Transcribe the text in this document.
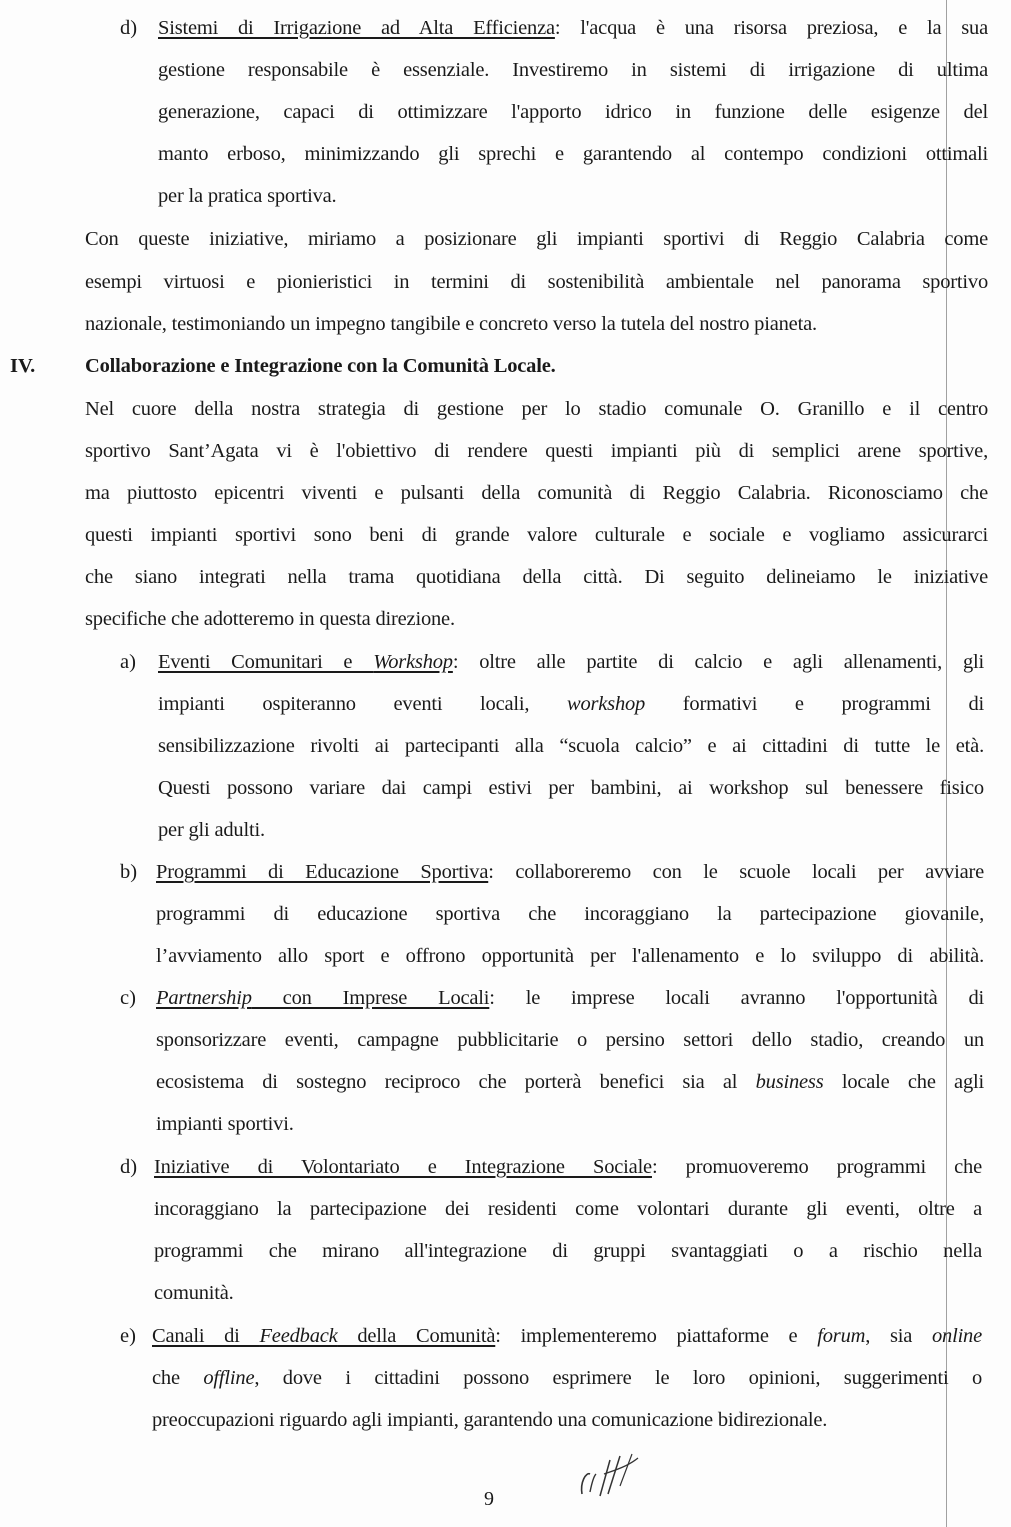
d) Sistemi di Irrigazione ad Alta Efficienza: l'acqua è una risorsa preziosa, e la sua
gestione responsabile è essenziale. Investiremo in sistemi di irrigazione di ultima
generazione, capaci di ottimizzare l'apporto idrico in funzione delle esigenze del
manto erboso, minimizzando gli sprechi e garantendo al contempo condizioni ottimali
per la pratica sportiva.
Con queste iniziative, miriamo a posizionare gli impianti sportivi di Reggio Calabria come
esempi virtuosi e pionieristici in termini di sostenibilità ambientale nel panorama sportivo
nazionale, testimoniando un impegno tangibile e concreto verso la tutela del nostro pianeta.
IV. Collaborazione e Integrazione con la Comunità Locale.
Nel cuore della nostra strategia di gestione per lo stadio comunale O. Granillo e il centro
sportivo Sant’Agata vi è l'obiettivo di rendere questi impianti più di semplici arene sportive,
ma piuttosto epicentri viventi e pulsanti della comunità di Reggio Calabria. Riconosciamo che
questi impianti sportivi sono beni di grande valore culturale e sociale e vogliamo assicurarci
che siano integrati nella trama quotidiana della città. Di seguito delineiamo le iniziative
specifiche che adotteremo in questa direzione.
a) Eventi Comunitari e Workshop: oltre alle partite di calcio e agli allenamenti, gli
impianti ospiteranno eventi locali, workshop formativi e programmi di
sensibilizzazione rivolti ai partecipanti alla “scuola calcio” e ai cittadini di tutte le età.
Questi possono variare dai campi estivi per bambini, ai workshop sul benessere fisico
per gli adulti.
b) Programmi di Educazione Sportiva: collaboreremo con le scuole locali per avviare
programmi di educazione sportiva che incoraggiano la partecipazione giovanile,
l’avviamento allo sport e offrono opportunità per l'allenamento e lo sviluppo di abilità.
c) Partnership con Imprese Locali: le imprese locali avranno l'opportunità di
sponsorizzare eventi, campagne pubblicitarie o persino settori dello stadio, creando un
ecosistema di sostegno reciproco che porterà benefici sia al business locale che agli
impianti sportivi.
d) Iniziative di Volontariato e Integrazione Sociale: promuoveremo programmi che
incoraggiano la partecipazione dei residenti come volontari durante gli eventi, oltre a
programmi che mirano all'integrazione di gruppi svantaggiati o a rischio nella
comunità.
e) Canali di Feedback della Comunità: implementeremo piattaforme e forum, sia online
che offline, dove i cittadini possono esprimere le loro opinioni, suggerimenti o
preoccupazioni riguardo agli impianti, garantendo una comunicazione bidirezionale.
9
